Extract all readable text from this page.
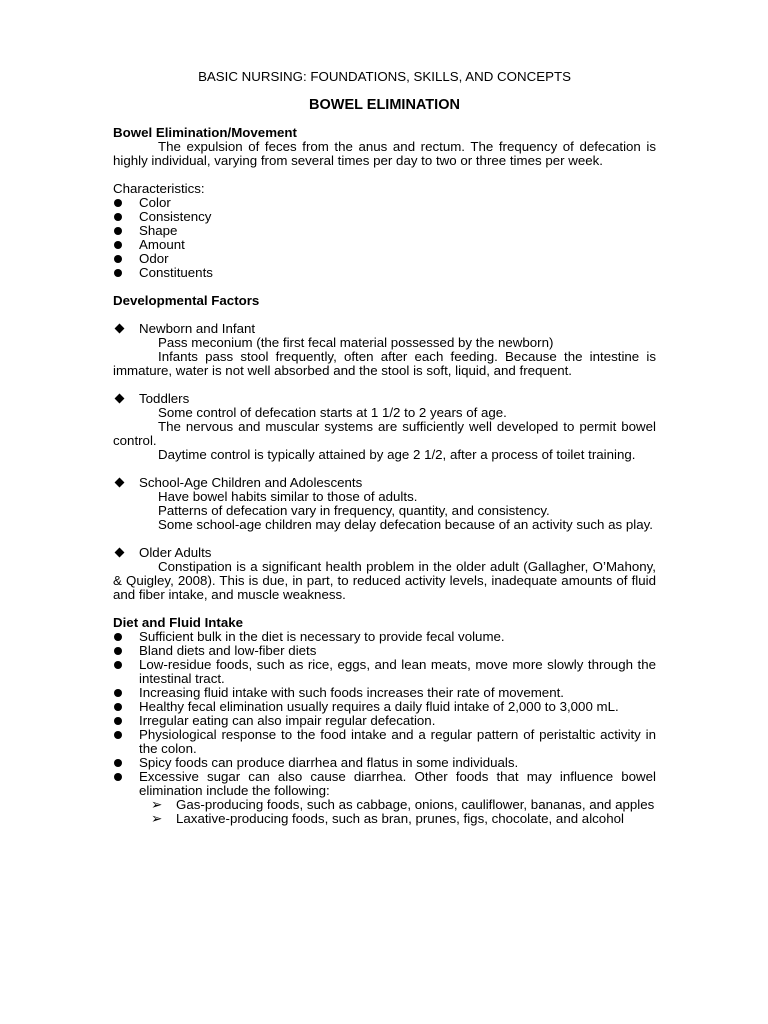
BASIC NURSING: FOUNDATIONS, SKILLS, AND CONCEPTS
BOWEL ELIMINATION
Bowel Elimination/Movement

The expulsion of feces from the anus and rectum. The frequency of defecation is highly individual, varying from several times per day to two or three times per week.

Characteristics:

Color
Consistency
Shape
Amount
Odor
Constituents
Developmental Factors
Newborn and Infant

Pass meconium (the first fecal material possessed by the newborn)

Infants pass stool frequently, often after each feeding. Because the intestine is immature, water is not well absorbed and the stool is soft, liquid, and frequent.

Toddlers

Some control of defecation starts at 1 1/2 to 2 years of age.

The nervous and muscular systems are sufficiently well developed to permit bowel control.

Daytime control is typically attained by age 2 1/2, after a process of toilet training.

School-Age Children and Adolescents

Have bowel habits similar to those of adults.

Patterns of defecation vary in frequency, quantity, and consistency.

Some school-age children may delay defecation because of an activity such as play.

Older Adults

Constipation is a significant health problem in the older adult (Gallagher, O’Mahony, & Quigley, 2008). This is due, in part, to reduced activity levels, inadequate amounts of fluid and fiber intake, and muscle weakness.

Diet and Fluid Intake
Sufficient bulk in the diet is necessary to provide fecal volume.
Bland diets and low-fiber diets
Low-residue foods, such as rice, eggs, and lean meats, move more slowly through the intestinal tract.
Increasing fluid intake with such foods increases their rate of movement.
Healthy fecal elimination usually requires a daily fluid intake of 2,000 to 3,000 mL.
Irregular eating can also impair regular defecation.
Physiological response to the food intake and a regular pattern of peristaltic activity in the colon.
Spicy foods can produce diarrhea and flatus in some individuals.
Excessive sugar can also cause diarrhea. Other foods that may influence bowel elimination include the following:
➢ Gas-producing foods, such as cabbage, onions, cauliflower, bananas, and apples
➢ Laxative-producing foods, such as bran, prunes, figs, chocolate, and alcohol
